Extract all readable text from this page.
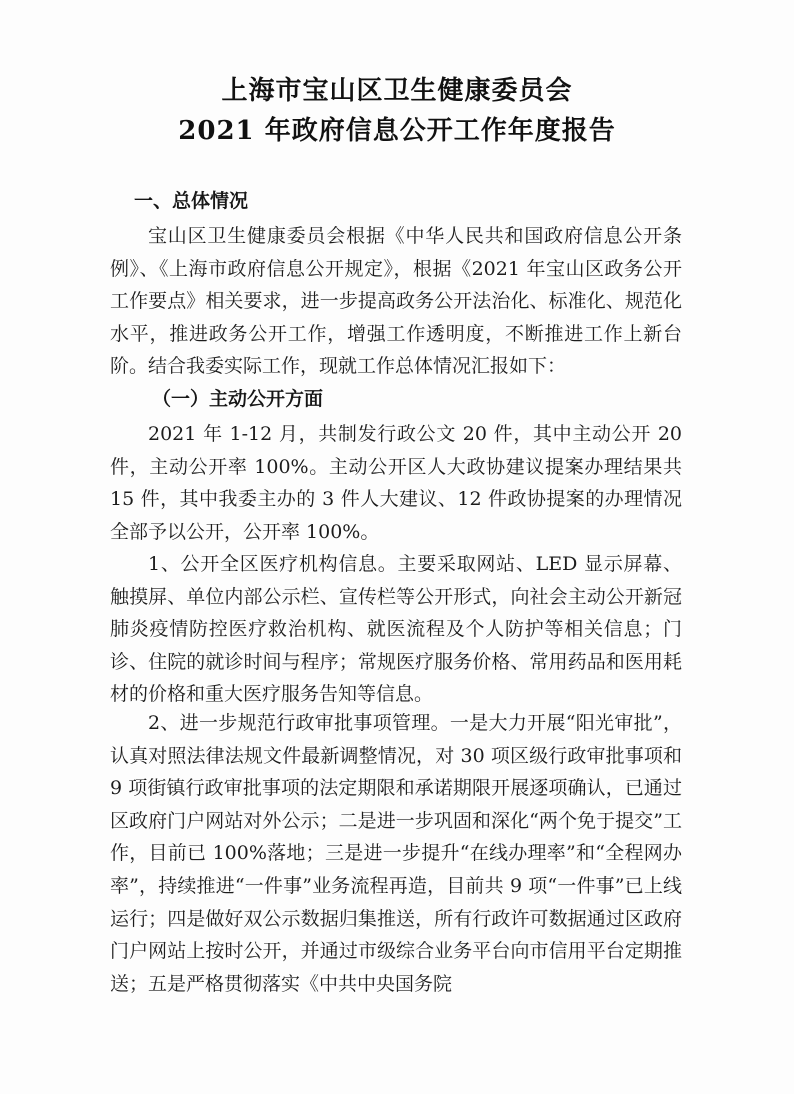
上海市宝山区卫生健康委员会
2021 年政府信息公开工作年度报告
一、总体情况
宝山区卫生健康委员会根据《中华人民共和国政府信息公开条例》、《上海市政府信息公开规定》，根据《2021 年宝山区政务公开工作要点》相关要求，进一步提高政务公开法治化、标准化、规范化水平，推进政务公开工作，增强工作透明度，不断推进工作上新台阶。结合我委实际工作，现就工作总体情况汇报如下：
（一）主动公开方面
2021 年 1-12 月，共制发行政公文 20 件，其中主动公开 20 件，主动公开率 100%。主动公开区人大政协建议提案办理结果共 15 件，其中我委主办的 3 件人大建议、12 件政协提案的办理情况全部予以公开，公开率 100%。
1、公开全区医疗机构信息。主要采取网站、LED 显示屏幕、触摸屏、单位内部公示栏、宣传栏等公开形式，向社会主动公开新冠肺炎疫情防控医疗救治机构、就医流程及个人防护等相关信息；门诊、住院的就诊时间与程序；常规医疗服务价格、常用药品和医用耗材的价格和重大医疗服务告知等信息。
2、进一步规范行政审批事项管理。一是大力开展“阳光审批”，认真对照法律法规文件最新调整情况，对 30 项区级行政审批事项和 9 项街镇行政审批事项的法定期限和承诺期限开展逐项确认，已通过区政府门户网站对外公示；二是进一步巩固和深化“两个免于提交”工作，目前已 100%落地；三是进一步提升“在线办理率”和“全程网办率”，持续推进“一件事”业务流程再造，目前共 9 项“一件事”已上线运行；四是做好双公示数据归集推送，所有行政许可数据通过区政府门户网站上按时公开，并通过市级综合业务平台向市信用平台定期推送；五是严格贯彻落实《中共中央国务院
